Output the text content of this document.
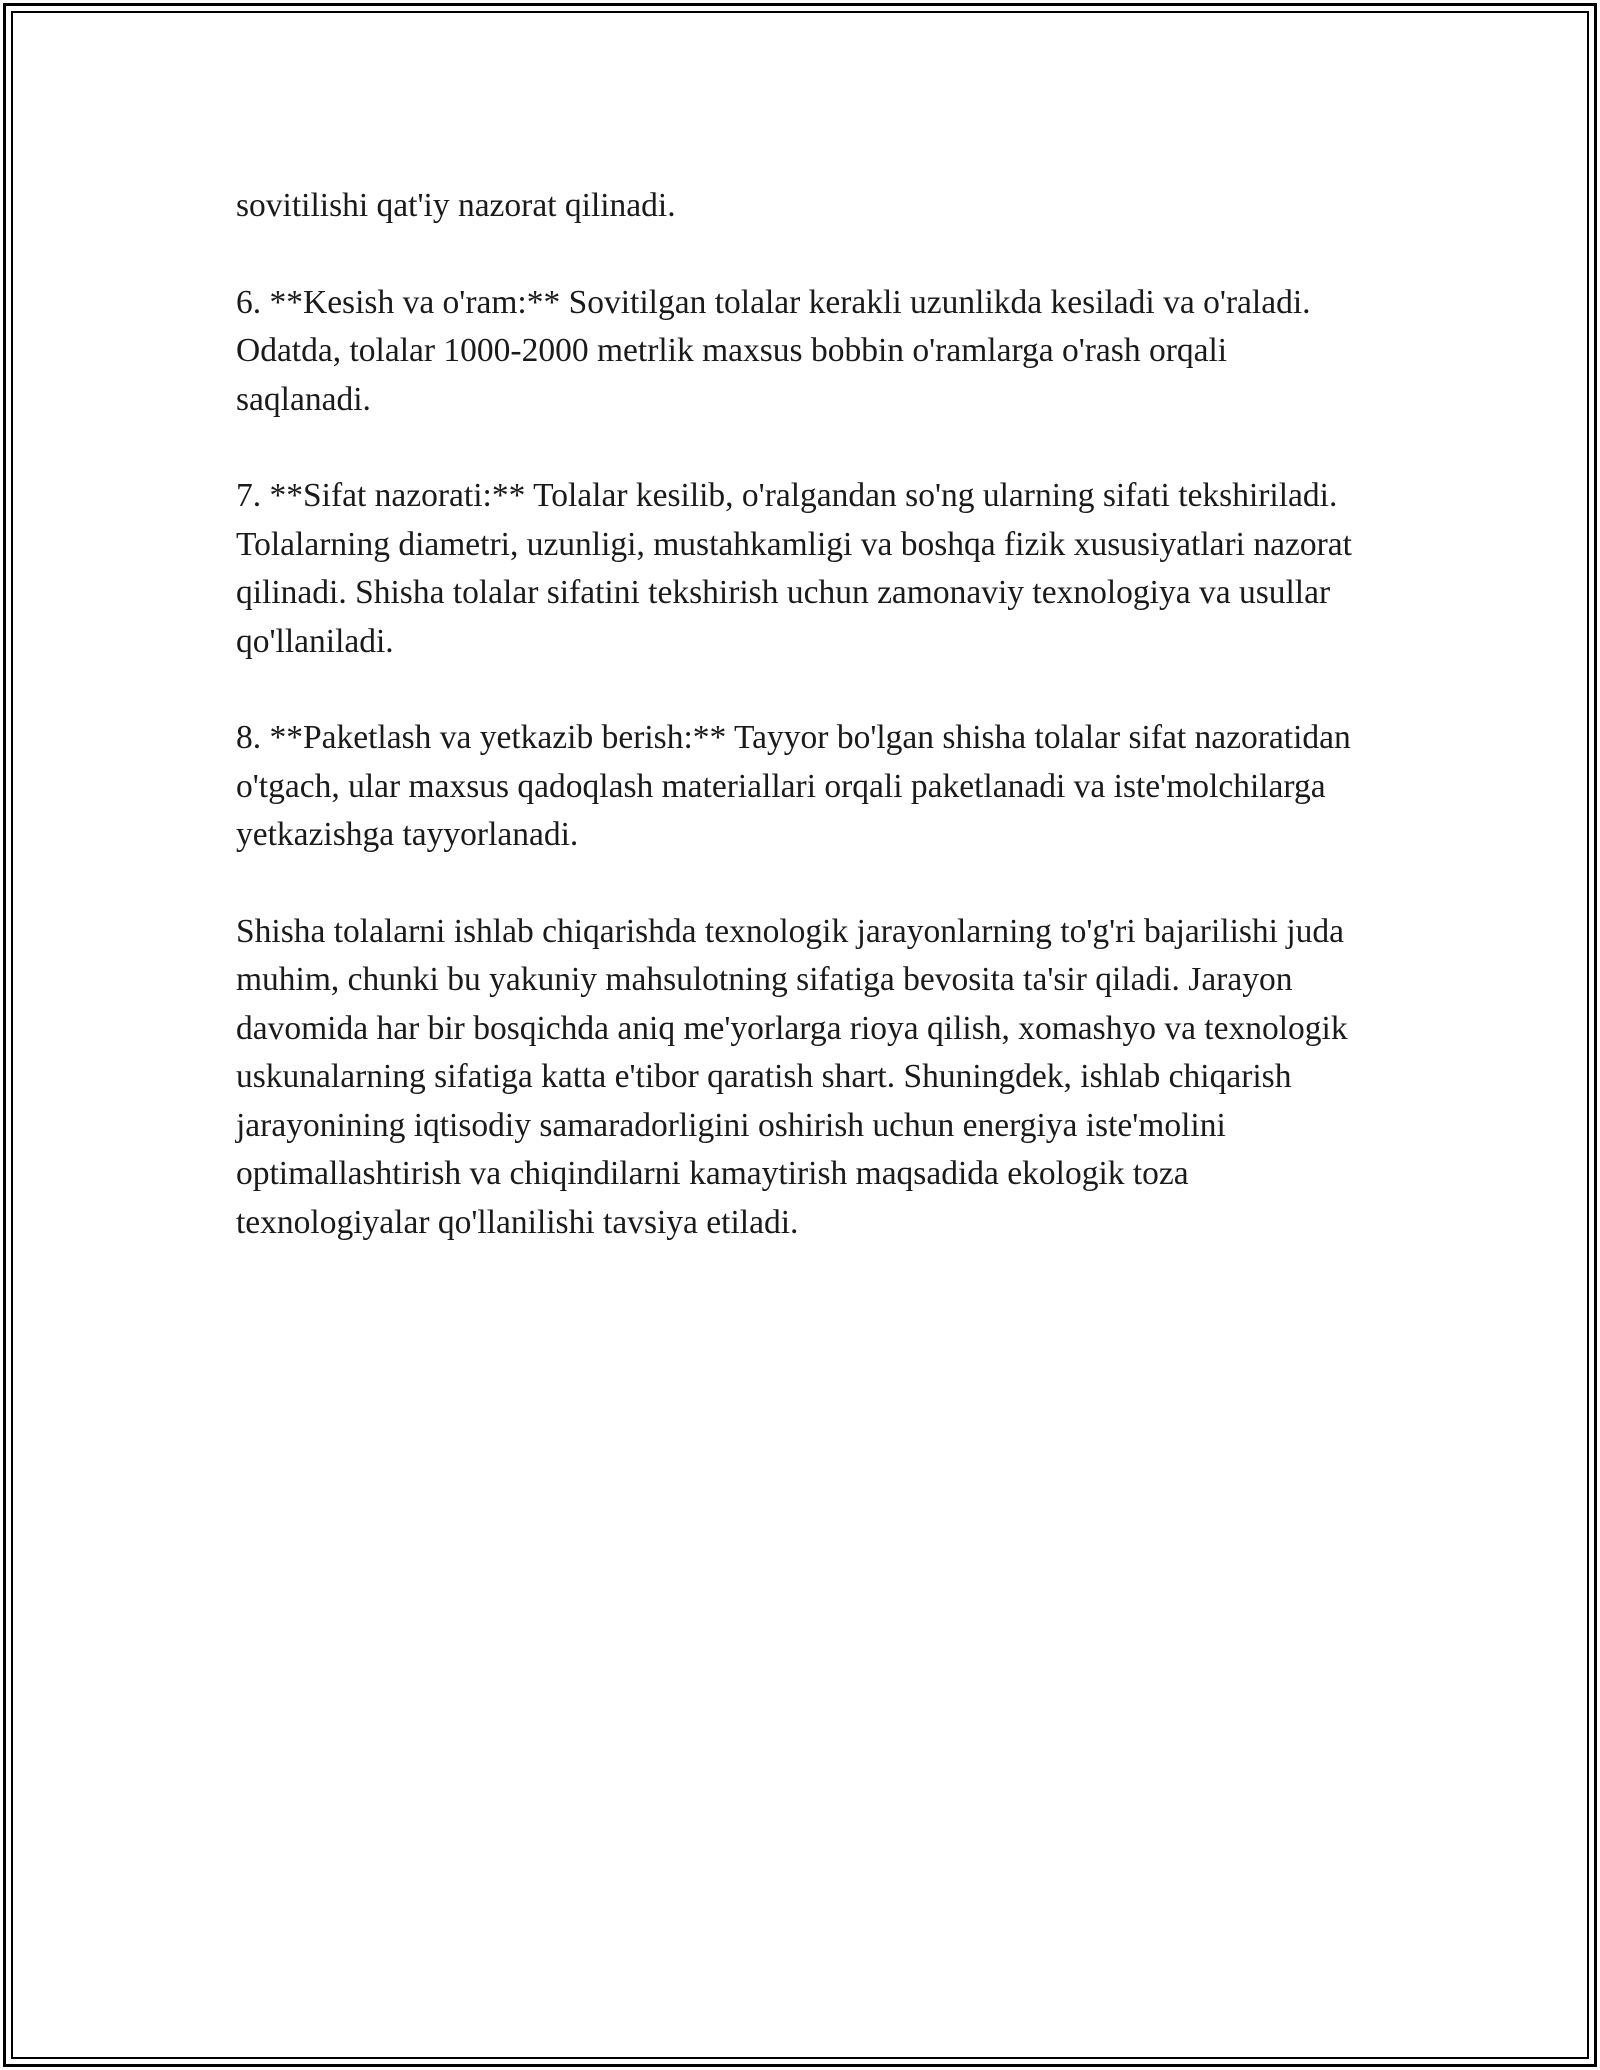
sovitilishi qat'iy nazorat qilinadi.

6. **Kesish va o'ram:** Sovitilgan tolalar kerakli uzunlikda kesiladi va o'raladi. Odatda, tolalar 1000-2000 metrlik maxsus bobbin o'ramlarga o'rash orqali saqlanadi.

7. **Sifat nazorati:** Tolalar kesilib, o'ralgandan so'ng ularning sifati tekshiriladi. Tolalarning diametri, uzunligi, mustahkamligi va boshqa fizik xususiyatlari nazorat qilinadi. Shisha tolalar sifatini tekshirish uchun zamonaviy texnologiya va usullar qo'llaniladi.

8. **Paketlash va yetkazib berish:** Tayyor bo'lgan shisha tolalar sifat nazoratidan o'tgach, ular maxsus qadoqlash materiallari orqali paketlanadi va iste'molchilarga yetkazishga tayyorlanadi.

Shisha tolalarni ishlab chiqarishda texnologik jarayonlarning to'g'ri bajarilishi juda muhim, chunki bu yakuniy mahsulotning sifatiga bevosita ta'sir qiladi. Jarayon davomida har bir bosqichda aniq me'yorlarga rioya qilish, xomashyo va texnologik uskunalarning sifatiga katta e'tibor qaratish shart. Shuningdek, ishlab chiqarish jarayonining iqtisodiy samaradorligini oshirish uchun energiya iste'molini optimallashtirish va chiqindilarni kamaytirish maqsadida ekologik toza texnologiyalar qo'llanilishi tavsiya etiladi.
